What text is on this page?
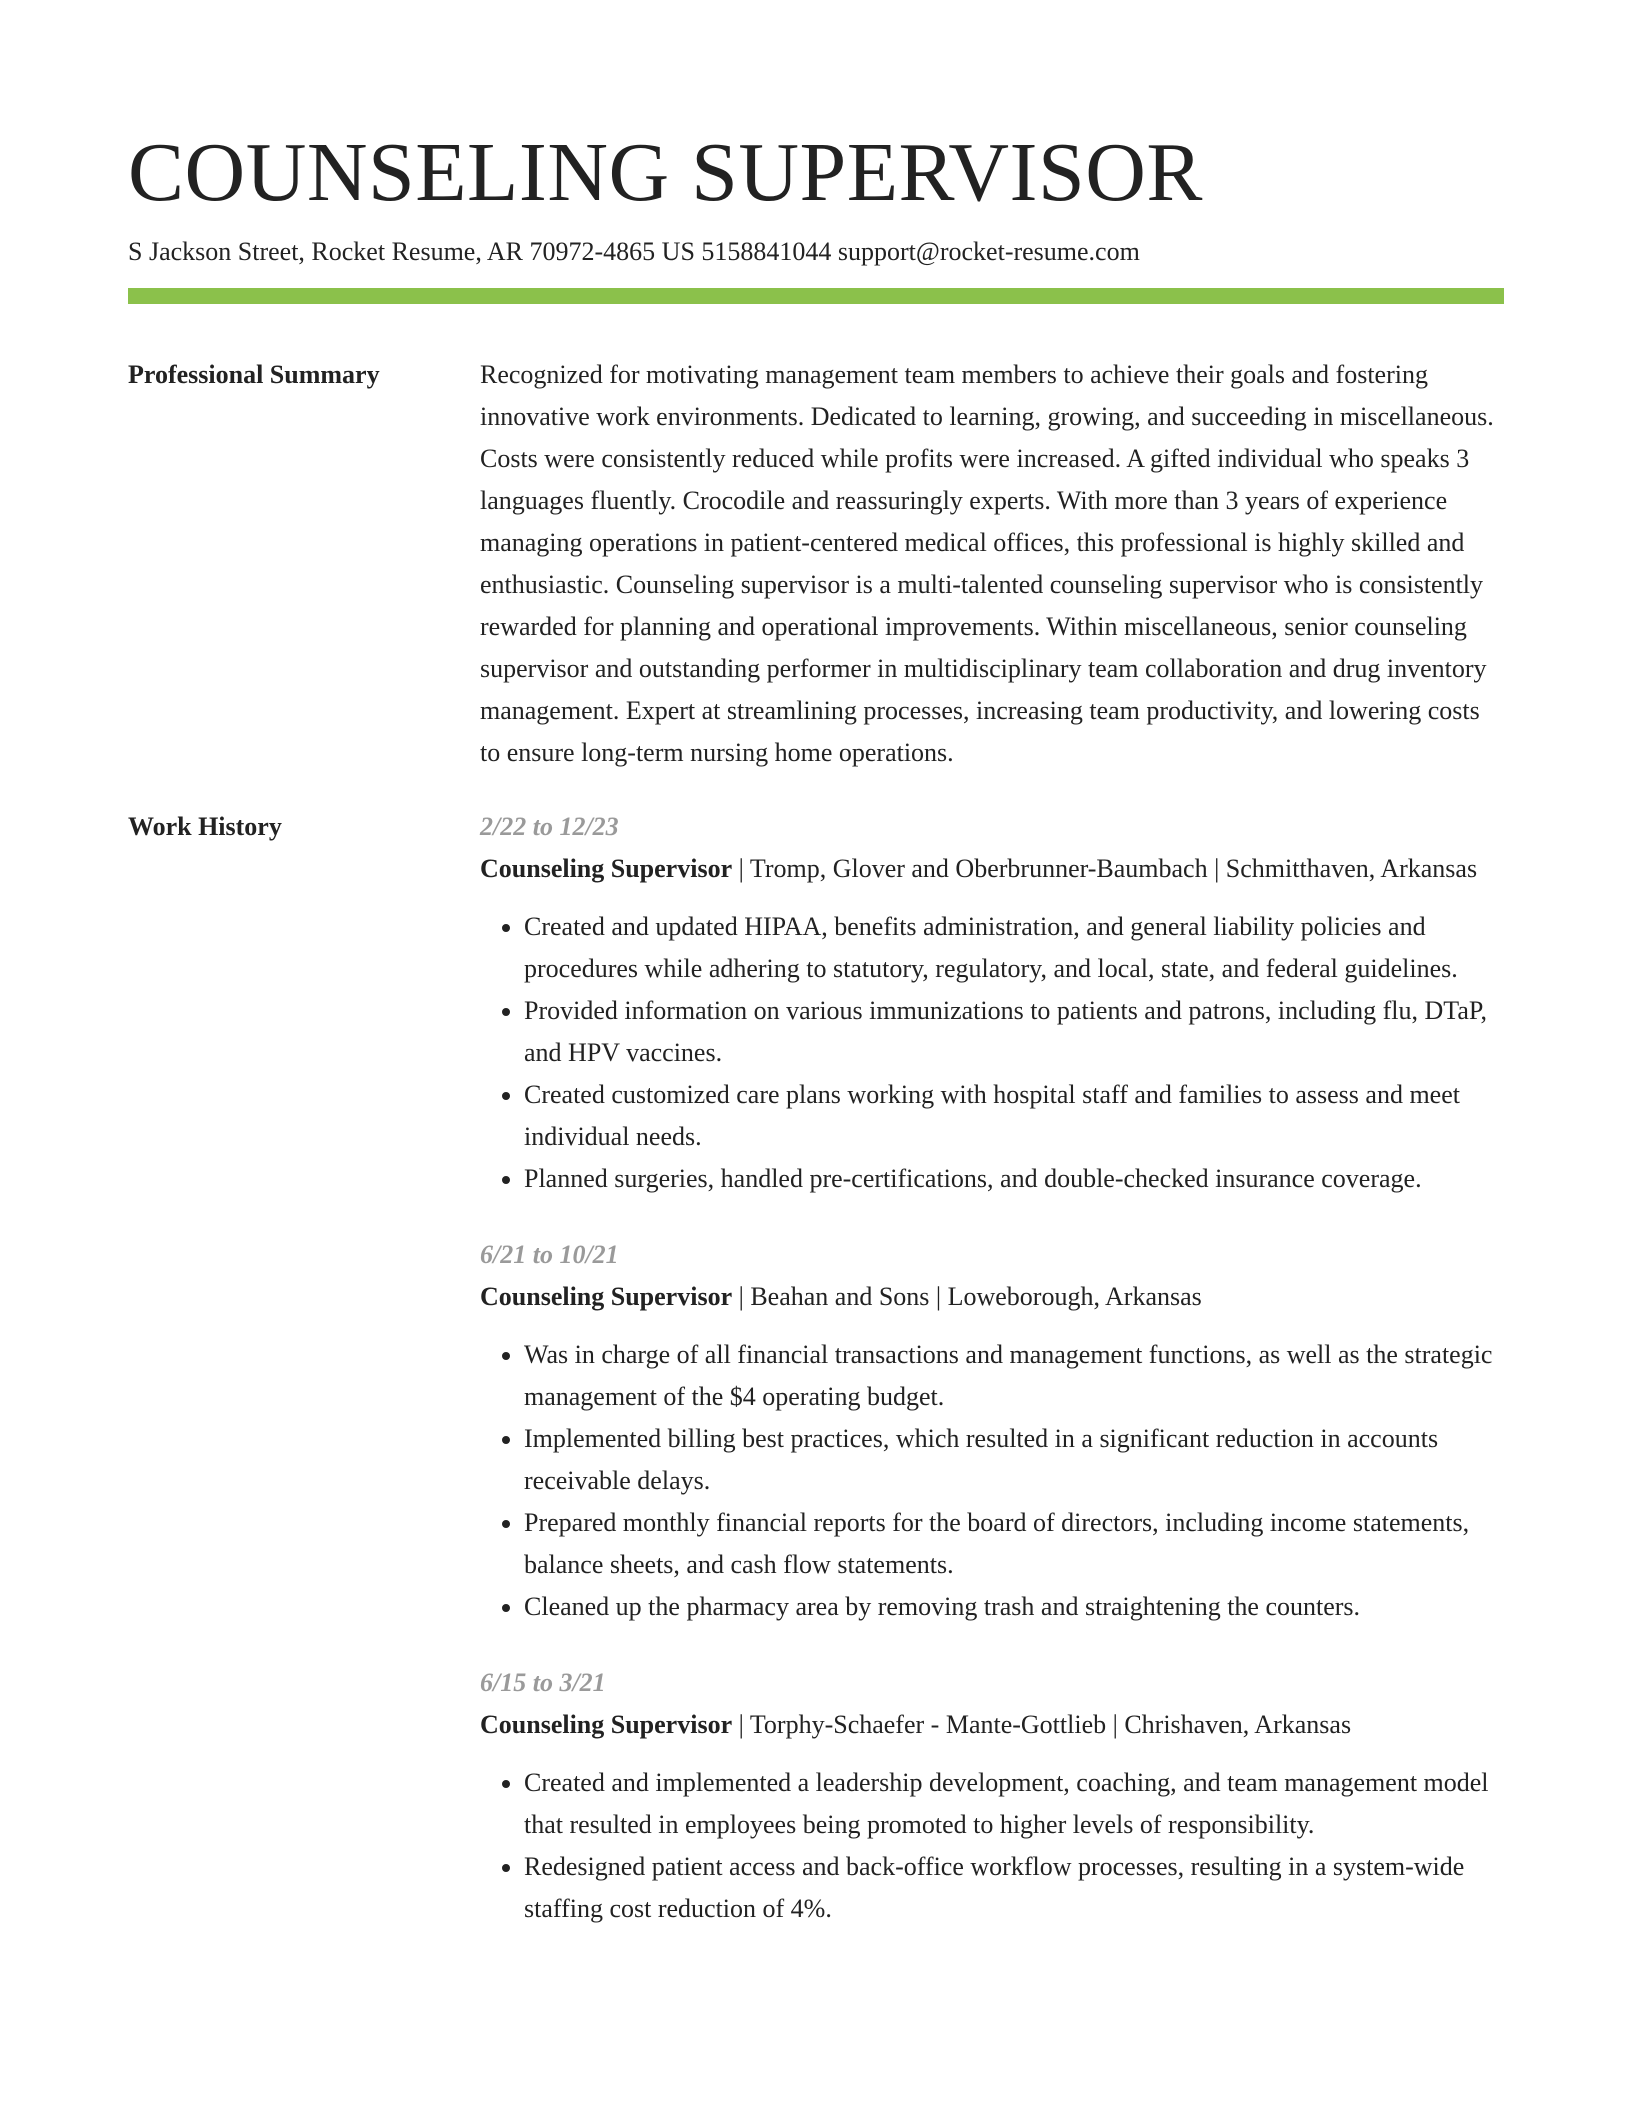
COUNSELING SUPERVISOR
S Jackson Street, Rocket Resume, AR 70972-4865 US 5158841044 support@rocket-resume.com
Professional Summary	Recognized for motivating management team members to achieve their goals and fostering innovative work environments. Dedicated to learning, growing, and succeeding in miscellaneous. Costs were consistently reduced while profits were increased. A gifted individual who speaks 3 languages fluently. Crocodile and reassuringly experts. With more than 3 years of experience managing operations in patient-centered medical offices, this professional is highly skilled and enthusiastic. Counseling supervisor is a multi-talented counseling supervisor who is consistently rewarded for planning and operational improvements. Within miscellaneous, senior counseling supervisor and outstanding performer in multidisciplinary team collaboration and drug inventory management. Expert at streamlining processes, increasing team productivity, and lowering costs to ensure long-term nursing home operations.

Work History	2/22 to 12/23
Counseling Supervisor | Tromp, Glover and Oberbrunner-Baumbach | Schmitthaven, Arkansas
• Created and updated HIPAA, benefits administration, and general liability policies and procedures while adhering to statutory, regulatory, and local, state, and federal guidelines.
• Provided information on various immunizations to patients and patrons, including flu, DTaP, and HPV vaccines.
• Created customized care plans working with hospital staff and families to assess and meet individual needs.
• Planned surgeries, handled pre-certifications, and double-checked insurance coverage.
6/21 to 10/21
Counseling Supervisor | Beahan and Sons | Loweborough, Arkansas
• Was in charge of all financial transactions and management functions, as well as the strategic management of the $4 operating budget.
• Implemented billing best practices, which resulted in a significant reduction in accounts receivable delays.
• Prepared monthly financial reports for the board of directors, including income statements, balance sheets, and cash flow statements.
• Cleaned up the pharmacy area by removing trash and straightening the counters.
6/15 to 3/21
Counseling Supervisor | Torphy-Schaefer - Mante-Gottlieb | Chrishaven, Arkansas
• Created and implemented a leadership development, coaching, and team management model that resulted in employees being promoted to higher levels of responsibility.
• Redesigned patient access and back-office workflow processes, resulting in a system-wide staffing cost reduction of 4%.
